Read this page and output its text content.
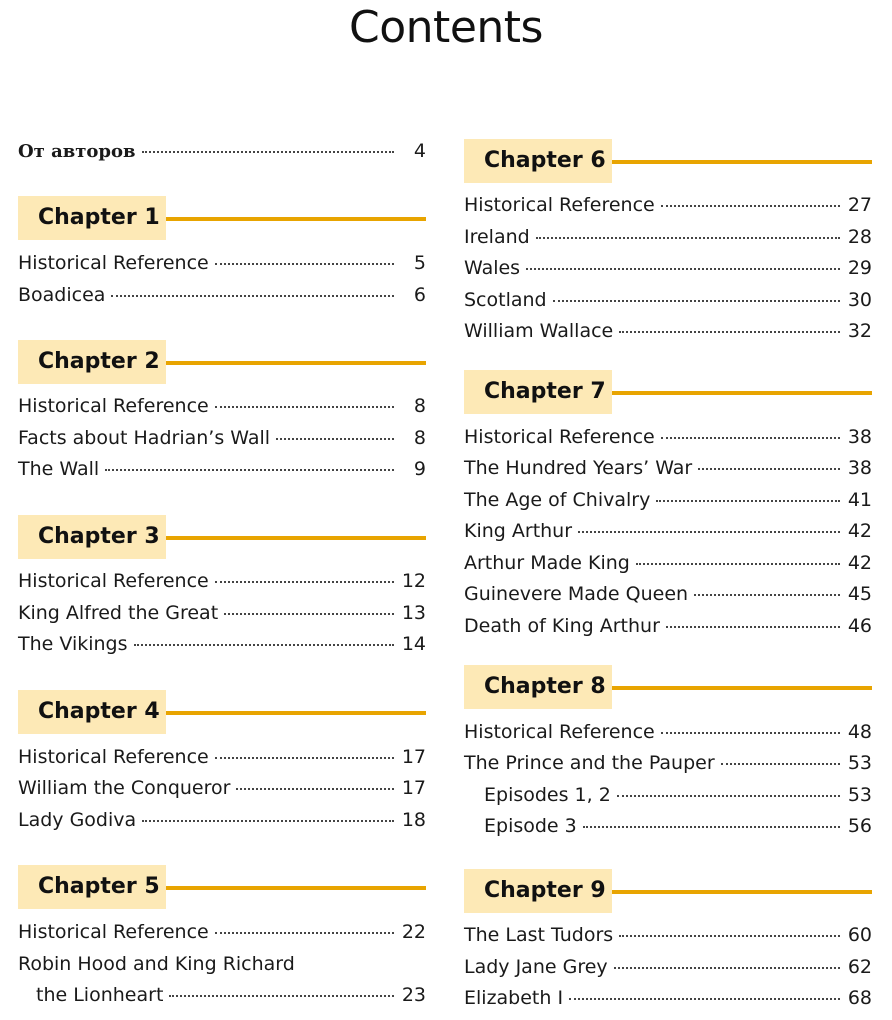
Contents
От авторов	4
Chapter 1
Historical Reference	5
Boadicea	6
Chapter 2
Historical Reference	8
Facts about Hadrian’s Wall	8
The Wall	9
Chapter 3
Historical Reference	12
King Alfred the Great	13
The Vikings	14
Chapter 4
Historical Reference	17
William the Conqueror	17
Lady Godiva	18
Chapter 5
Historical Reference	22
Robin Hood and King Richard
the Lionheart	23
Chapter 6
Historical Reference	27
Ireland	28
Wales	29
Scotland	30
William Wallace	32
Chapter 7
Historical Reference	38
The Hundred Years’ War	38
The Age of Chivalry	41
King Arthur	42
Arthur Made King	42
Guinevere Made Queen	45
Death of King Arthur	46
Chapter 8
Historical Reference	48
The Prince and the Pauper	53
Episodes 1, 2	53
Episode 3	56
Chapter 9
The Last Tudors	60
Lady Jane Grey	62
Elizabeth I	68
